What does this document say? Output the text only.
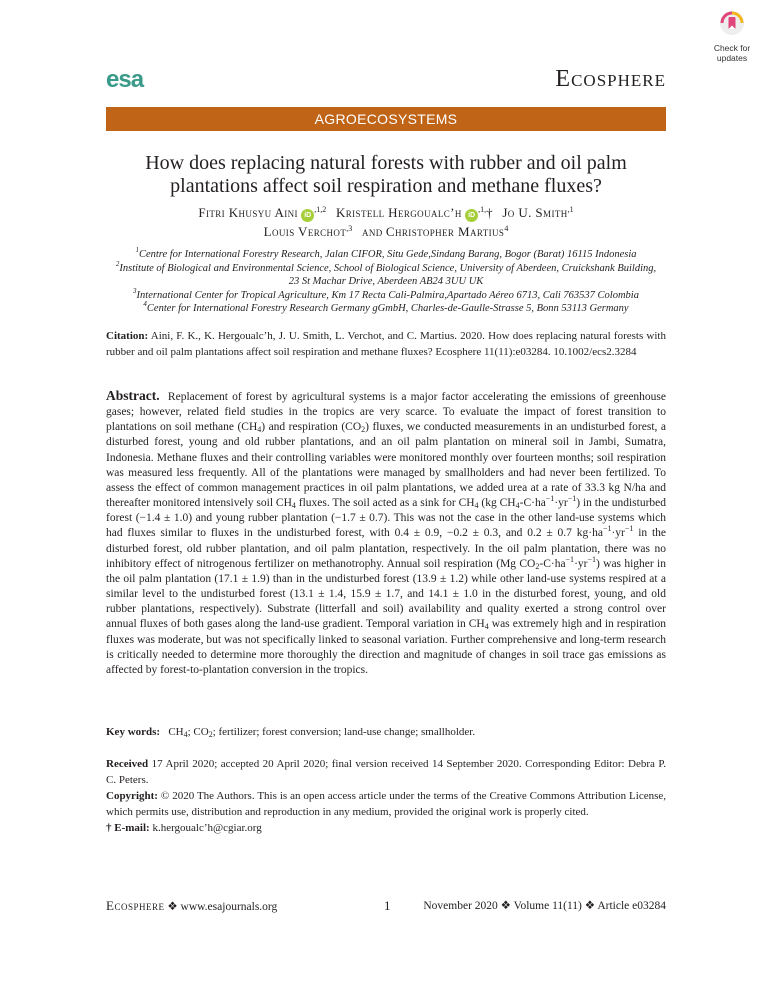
Check for
updates
esa	Ecosphere
AGROECOSYSTEMS
How does replacing natural forests with rubber and oil palm plantations affect soil respiration and methane fluxes?
Fitri Khusyu Aini $iD^{,1,2}$ Kristell Hergoualc’h $iD^{,1,}\dagger$ Jo U. Smith$^{,1}$
Louis Verchot$^{,3}$ and Christopher Martius$^4$
$^1$Centre for International Forestry Research, Jalan CIFOR, Situ Gede,Sindang Barang, Bogor (Barat) 16115 Indonesia
$^2$Institute of Biological and Environmental Science, School of Biological Science, University of Aberdeen, Cruickshank Building,
23 St Machar Drive, Aberdeen AB24 3UU UK
$^3$International Center for Tropical Agriculture, Km 17 Recta Cali-Palmira,Apartado Aéreo 6713, Cali 763537 Colombia
$^4$Center for International Forestry Research Germany gGmbH, Charles-de-Gaulle-Strasse 5, Bonn 53113 Germany
Citation: Aini, F. K., K. Hergoualc’h, J. U. Smith, L. Verchot, and C. Martius. 2020. How does replacing natural forests with rubber and oil palm plantations affect soil respiration and methane fluxes? Ecosphere 11(11):e03284. 10.1002/ecs2.3284
Abstract. Replacement of forest by agricultural systems is a major factor accelerating the emissions of greenhouse gases; however, related field studies in the tropics are very scarce. To evaluate the impact of forest transition to plantations on soil methane $(CH_4)$ and respiration $(CO_2)$ fluxes, we conducted measurements in an undisturbed forest, a disturbed forest, young and old rubber plantations, and an oil palm plantation on mineral soil in Jambi, Sumatra, Indonesia. Methane fluxes and their controlling variables were monitored monthly over fourteen months; soil respiration was measured less frequently. All of the plantations were managed by smallholders and had never been fertilized. To assess the effect of common management practices in oil palm plantations, we added urea at a rate of 33.3 kg N/ha and thereafter monitored intensively soil $CH_4$ fluxes. The soil acted as a sink for $CH_4$ (kg $CH_4-C\cdot ha^{-1}\cdot yr^{-1}$) in the undisturbed forest (−1.4 ± 1.0) and young rubber plantation (−1.7 ± 0.7). This was not the case in the other land-use systems which had fluxes similar to fluxes in the undisturbed forest, with 0.4 ± 0.9, −0.2 ± 0.3, and 0.2 ± 0.7 $kg\cdot ha^{-1}\cdot yr^{-1}$ in the disturbed forest, old rubber plantation, and oil palm plantation, respectively. In the oil palm plantation, there was no inhibitory effect of nitrogenous fertilizer on methanotrophy. Annual soil respiration (Mg $CO_2-C\cdot ha^{-1}\cdot yr^{-1}$) was higher in the oil palm plantation (17.1 ± 1.9) than in the undisturbed forest (13.9 ± 1.2) while other land-use systems respired at a similar level to the undisturbed forest (13.1 ± 1.4, 15.9 ± 1.7, and 14.1 ± 1.0 in the disturbed forest, young, and old rubber plantations, respectively). Substrate (litterfall and soil) availability and quality exerted a strong control over annual fluxes of both gases along the land-use gradient. Temporal variation in $CH_4$ was extremely high and in respiration fluxes was moderate, but was not specifically linked to seasonal variation. Further comprehensive and long-term research is critically needed to determine more thoroughly the direction and magnitude of changes in soil trace gas emissions as affected by forest-to-plantation conversion in the tropics.
Key words: $CH_4$; $CO_2$; fertilizer; forest conversion; land-use change; smallholder.
Received 17 April 2020; accepted 20 April 2020; final version received 14 September 2020. Corresponding Editor: Debra P. C. Peters.
Copyright: © 2020 The Authors. This is an open access article under the terms of the Creative Commons Attribution License, which permits use, distribution and reproduction in any medium, provided the original work is properly cited.
† E-mail: k.hergoualc’h@cgiar.org
Ecosphere ❖ www.esajournals.org	1	November 2020 ❖ Volume 11(11) ❖ Article e03284
